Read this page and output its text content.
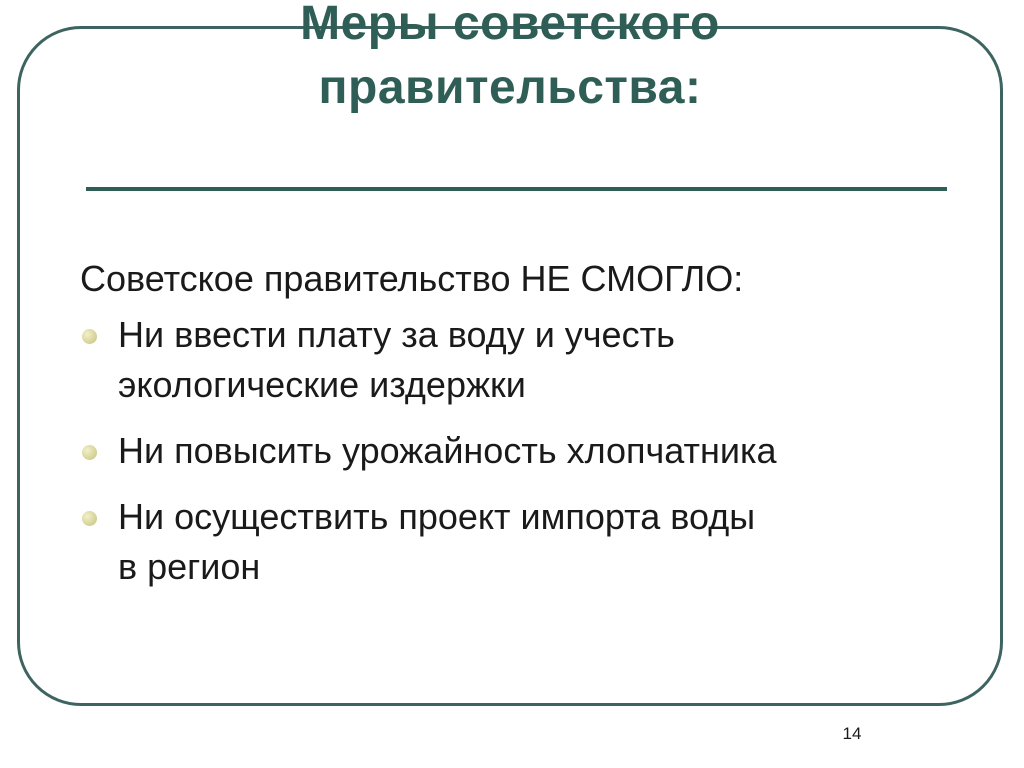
Меры советского
правительства:
Советское правительство НЕ СМОГЛО:
Ни ввести плату за воду и учесть
экологические издержки
Ни повысить урожайность хлопчатника
Ни осуществить проект импорта воды
в регион
14
